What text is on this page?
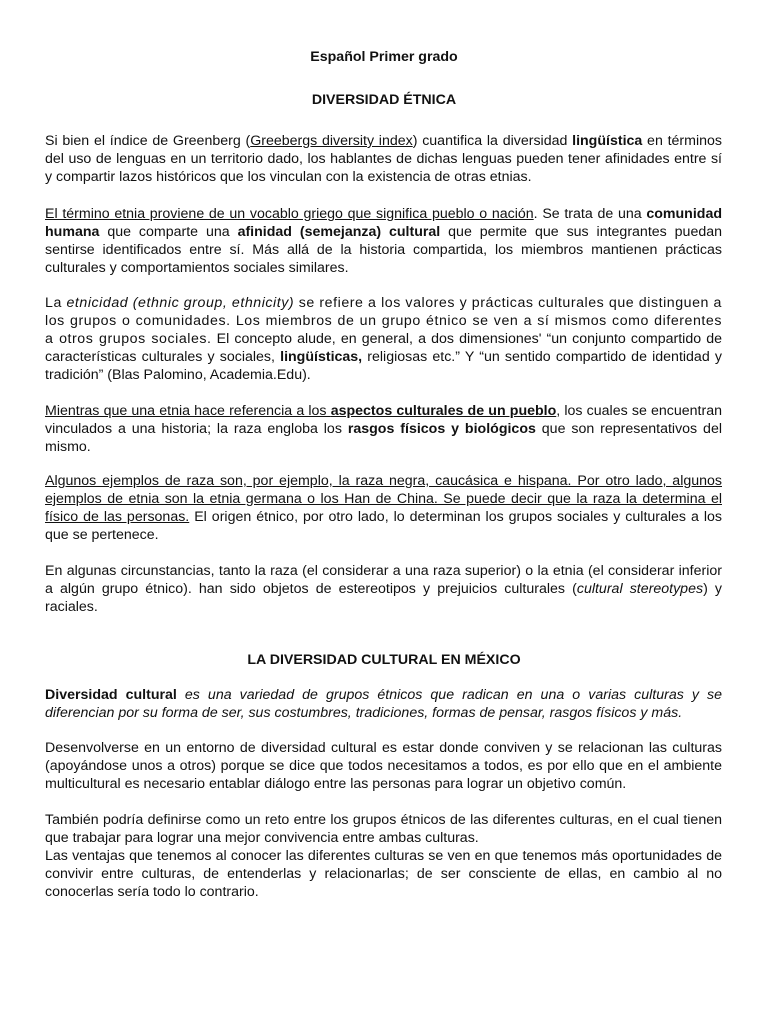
Español Primer grado
DIVERSIDAD ÉTNICA

Si bien el índice de Greenberg (Greebergs diversity index) cuantifica la diversidad lingüística en términos del uso de lenguas en un territorio dado, los hablantes de dichas lenguas pueden tener afinidades entre sí y compartir lazos históricos que los vinculan con la existencia de otras etnias.

El término etnia proviene de un vocablo griego que significa pueblo o nación. Se trata de una comunidad humana que comparte una afinidad (semejanza) cultural que permite que sus integrantes puedan sentirse identificados entre sí. Más allá de la historia compartida, los miembros mantienen prácticas culturales y comportamientos sociales similares.

La etnicidad (ethnic group, ethnicity) se refiere a los valores y prácticas culturales que distinguen a los grupos o comunidades. Los miembros de un grupo étnico se ven a sí mismos como diferentes a otros grupos sociales. El concepto alude, en general, a dos dimensiones' “un conjunto compartido de características culturales y sociales, lingüísticas, religiosas etc.” Y “un sentido compartido de identidad y tradición” (Blas Palomino, Academia.Edu).

Mientras que una etnia hace referencia a los aspectos culturales de un pueblo, los cuales se encuentran vinculados a una historia; la raza engloba los rasgos físicos y biológicos que son representativos del mismo.

Algunos ejemplos de raza son, por ejemplo, la raza negra, caucásica e hispana. Por otro lado, algunos ejemplos de etnia son la etnia germana o los Han de China. Se puede decir que la raza la determina el físico de las personas. El origen étnico, por otro lado, lo determinan los grupos sociales y culturales a los que se pertenece.

En algunas circunstancias, tanto la raza (el considerar a una raza superior) o la etnia (el considerar inferior a algún grupo étnico). han sido objetos de estereotipos y prejuicios culturales (cultural stereotypes) y raciales.

LA DIVERSIDAD CULTURAL EN MÉXICO

Diversidad cultural es una variedad de grupos étnicos que radican en una o varias culturas y se diferencian por su forma de ser, sus costumbres, tradiciones, formas de pensar, rasgos físicos y más.

Desenvolverse en un entorno de diversidad cultural es estar donde conviven y se relacionan las culturas (apoyándose unos a otros) porque se dice que todos necesitamos a todos, es por ello que en el ambiente multicultural es necesario entablar diálogo entre las personas para lograr un objetivo común.

También podría definirse como un reto entre los grupos étnicos de las diferentes culturas, en el cual tienen que trabajar para lograr una mejor convivencia entre ambas culturas.

Las ventajas que tenemos al conocer las diferentes culturas se ven en que tenemos más oportunidades de convivir entre culturas, de entenderlas y relacionarlas; de ser consciente de ellas, en cambio al no conocerlas sería todo lo contrario.
